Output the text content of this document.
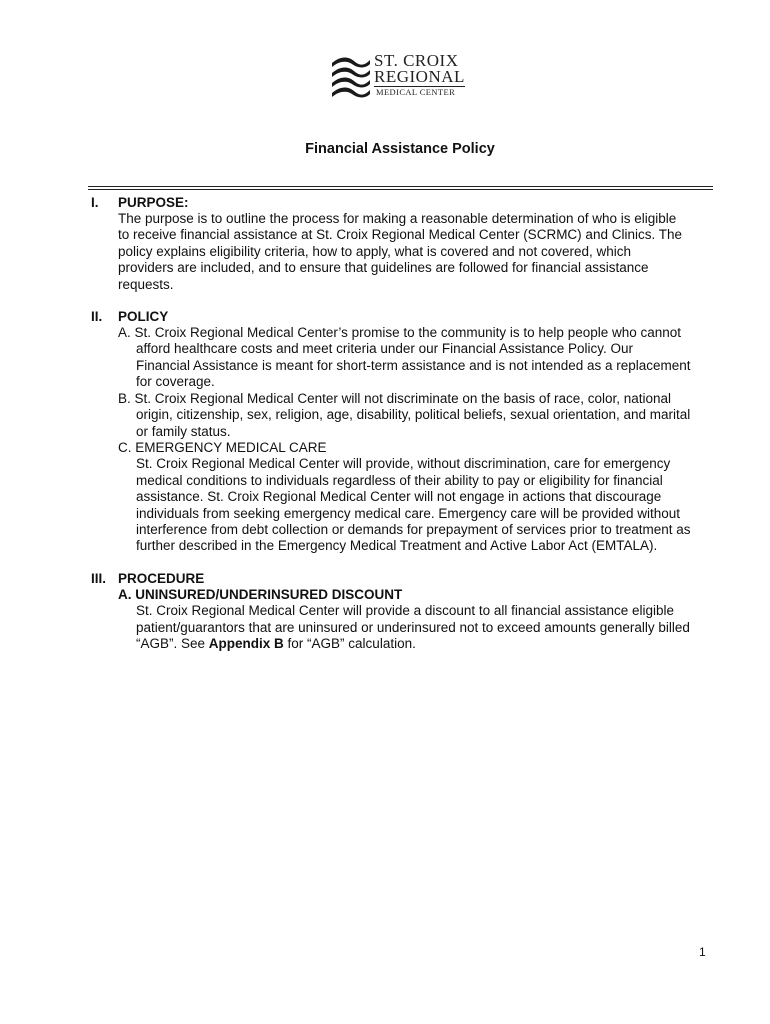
ST. CROIX
REGIONAL
MEDICAL CENTER
Financial Assistance Policy
I. PURPOSE:
The purpose is to outline the process for making a reasonable determination of who is eligible
to receive financial assistance at St. Croix Regional Medical Center (SCRMC) and Clinics. The
policy explains eligibility criteria, how to apply, what is covered and not covered, which
providers are included, and to ensure that guidelines are followed for financial assistance
requests.
II. POLICY
A. St. Croix Regional Medical Center’s promise to the community is to help people who cannot
afford healthcare costs and meet criteria under our Financial Assistance Policy. Our
Financial Assistance is meant for short-term assistance and is not intended as a replacement
for coverage.
B. St. Croix Regional Medical Center will not discriminate on the basis of race, color, national
origin, citizenship, sex, religion, age, disability, political beliefs, sexual orientation, and marital
or family status.
C. EMERGENCY MEDICAL CARE
St. Croix Regional Medical Center will provide, without discrimination, care for emergency
medical conditions to individuals regardless of their ability to pay or eligibility for financial
assistance. St. Croix Regional Medical Center will not engage in actions that discourage
individuals from seeking emergency medical care. Emergency care will be provided without
interference from debt collection or demands for prepayment of services prior to treatment as
further described in the Emergency Medical Treatment and Active Labor Act (EMTALA).
III. PROCEDURE
A. UNINSURED/UNDERINSURED DISCOUNT
St. Croix Regional Medical Center will provide a discount to all financial assistance eligible
patient/guarantors that are uninsured or underinsured not to exceed amounts generally billed
“AGB”. See Appendix B for “AGB” calculation.
1
